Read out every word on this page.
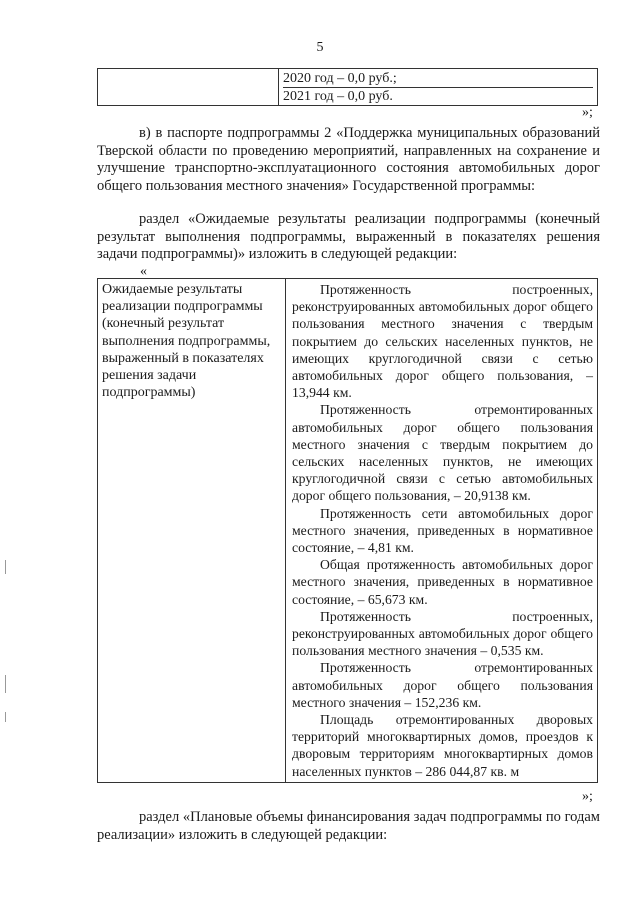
5

2020 год – 0,0 руб.;
2021 год – 0,0 руб.
»;

в) в паспорте подпрограммы 2 «Поддержка муниципальных образований Тверской области по проведению мероприятий, направленных на сохранение и улучшение транспортно-эксплуатационного состояния автомобильных дорог общего пользования местного значения» Государственной программы:

раздел «Ожидаемые результаты реализации подпрограммы (конечный результат выполнения подпрограммы, выраженный в показателях решения задачи подпрограммы)» изложить в следующей редакции:

«
Ожидаемые результаты реализации подпрограммы (конечный результат выполнения подпрограммы, выраженный в показателях решения задачи подпрограммы)	

Протяженность построенных, реконструированных автомобильных дорог общего пользования местного значения с твердым покрытием до сельских населенных пунктов, не имеющих круглогодичной связи с сетью автомобильных дорог общего пользования, – 13,944 км.

Протяженность отремонтированных автомобильных дорог общего пользования местного значения с твердым покрытием до сельских населенных пунктов, не имеющих круглогодичной связи с сетью автомобильных дорог общего пользования, – 20,9138 км.

Протяженность сети автомобильных дорог местного значения, приведенных в нормативное состояние, – 4,81 км.

Общая протяженность автомобильных дорог местного значения, приведенных в нормативное состояние, – 65,673 км.

Протяженность построенных, реконструированных автомобильных дорог общего пользования местного значения – 0,535 км.

Протяженность отремонтированных автомобильных дорог общего пользования местного значения – 152,236 км.

Площадь отремонтированных дворовых территорий многоквартирных домов, проездов к дворовым территориям многоквартирных домов населенных пунктов – 286 044,87 кв. м

»;

раздел «Плановые объемы финансирования задач подпрограммы по годам реализации» изложить в следующей редакции:
